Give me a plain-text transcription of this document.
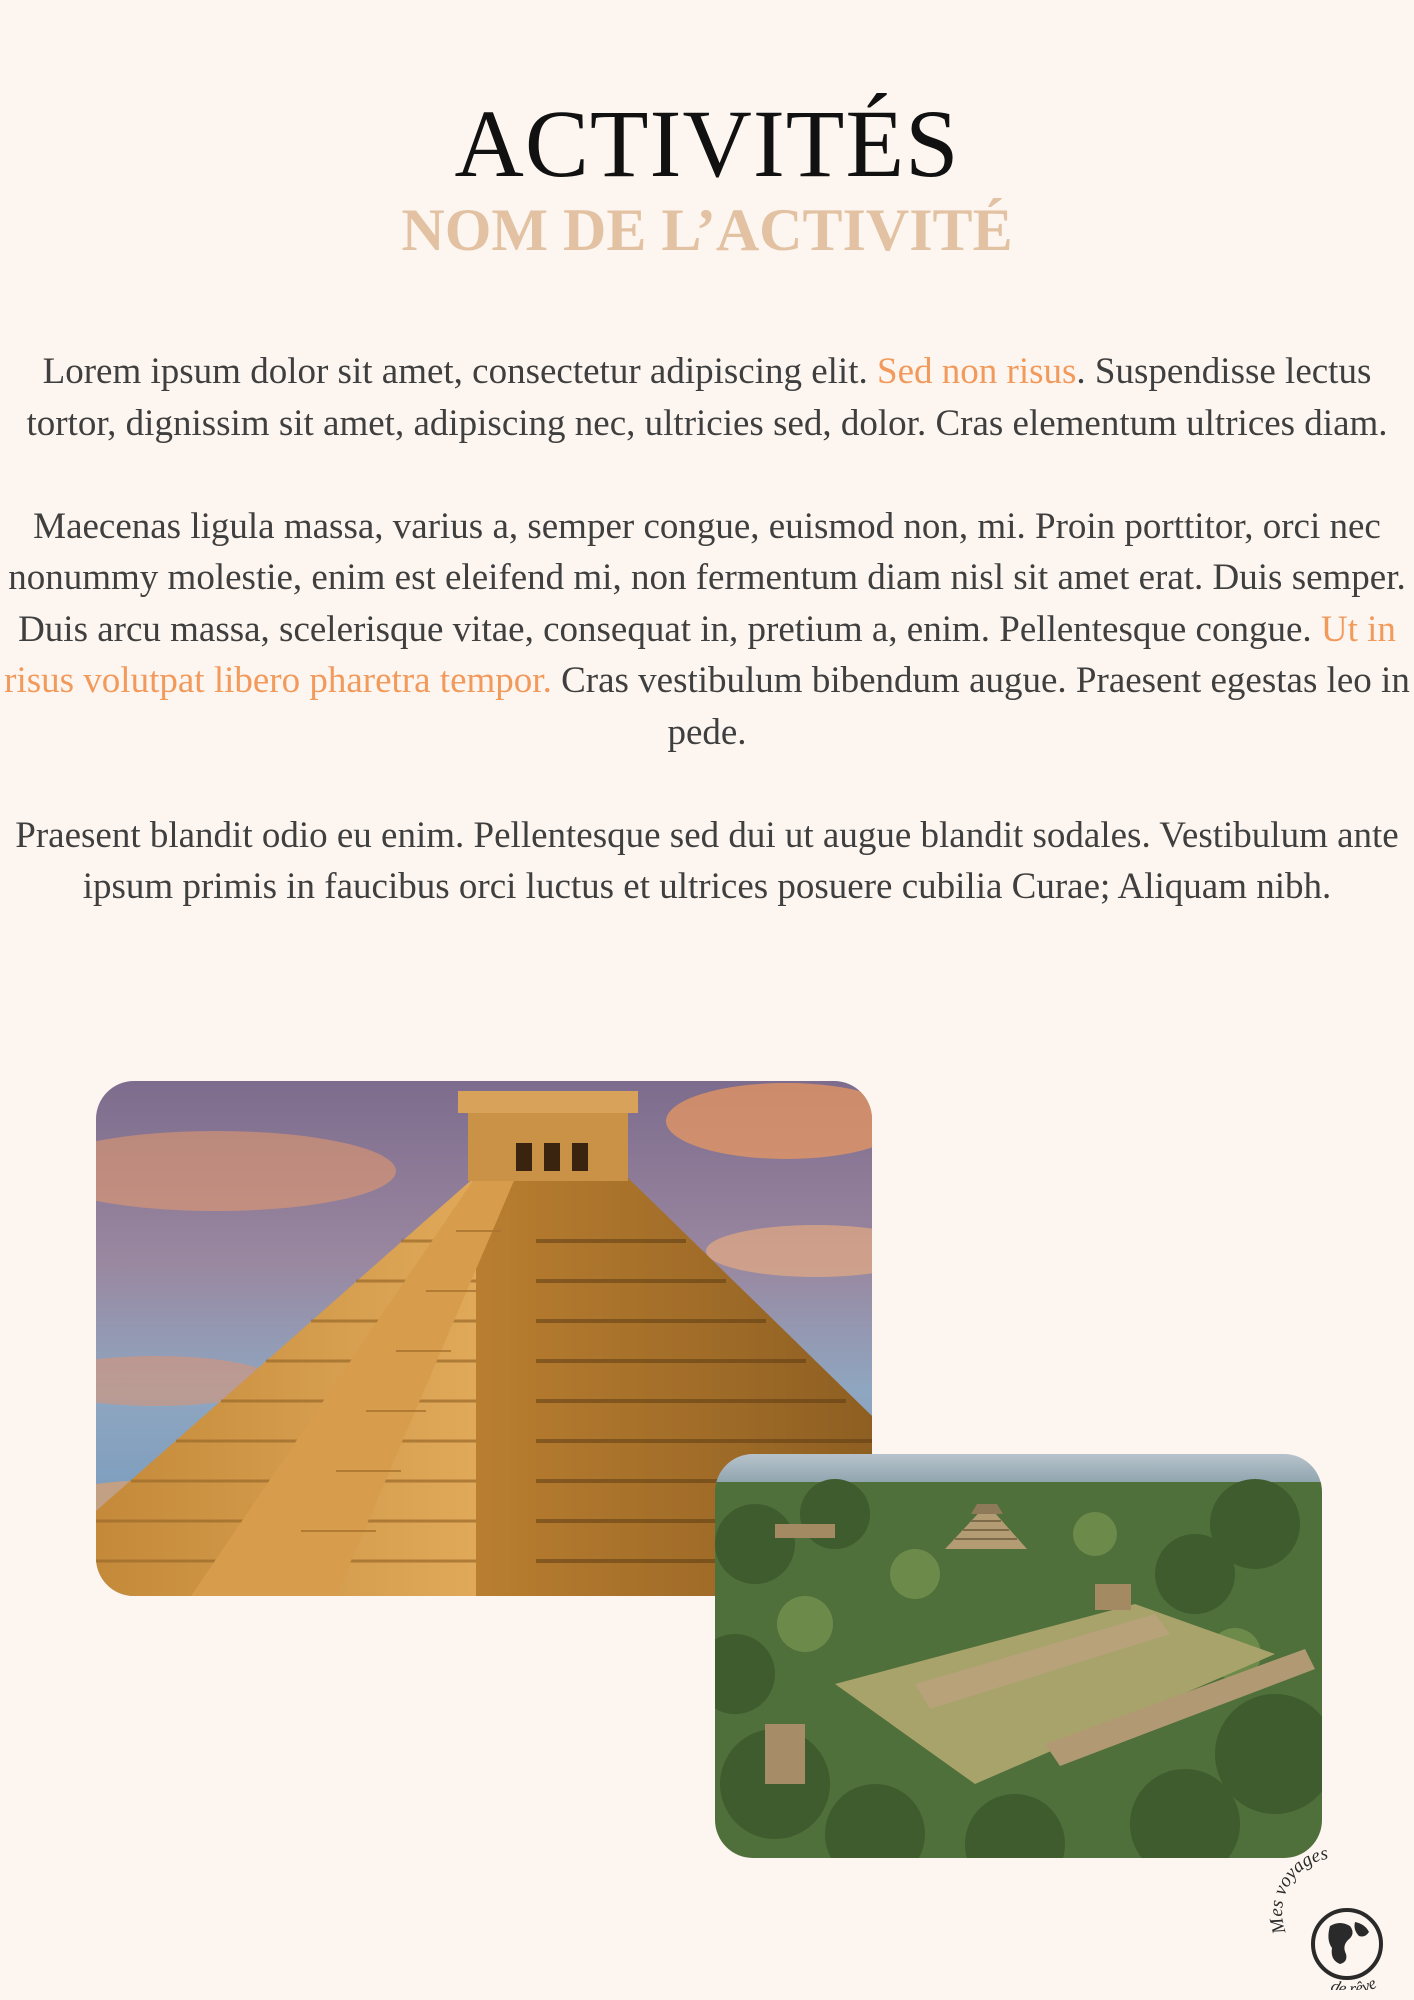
ACTIVITÉS
NOM DE L’ACTIVITÉ

Lorem ipsum dolor sit amet, consectetur adipiscing elit. Sed non risus. Suspendisse lectus tortor, dignissim sit amet, adipiscing nec, ultricies sed, dolor. Cras elementum ultrices diam.

Maecenas ligula massa, varius a, semper congue, euismod non, mi. Proin porttitor, orci nec nonummy molestie, enim est eleifend mi, non fermentum diam nisl sit amet erat. Duis semper. Duis arcu massa, scelerisque vitae, consequat in, pretium a, enim. Pellentesque congue. Ut in risus volutpat libero pharetra tempor. Cras vestibulum bibendum augue. Praesent egestas leo in pede.

Praesent blandit odio eu enim. Pellentesque sed dui ut augue blandit sodales. Vestibulum ante ipsum primis in faucibus orci luctus et ultrices posuere cubilia Curae; Aliquam nibh.

Mes voyages
de rêve
